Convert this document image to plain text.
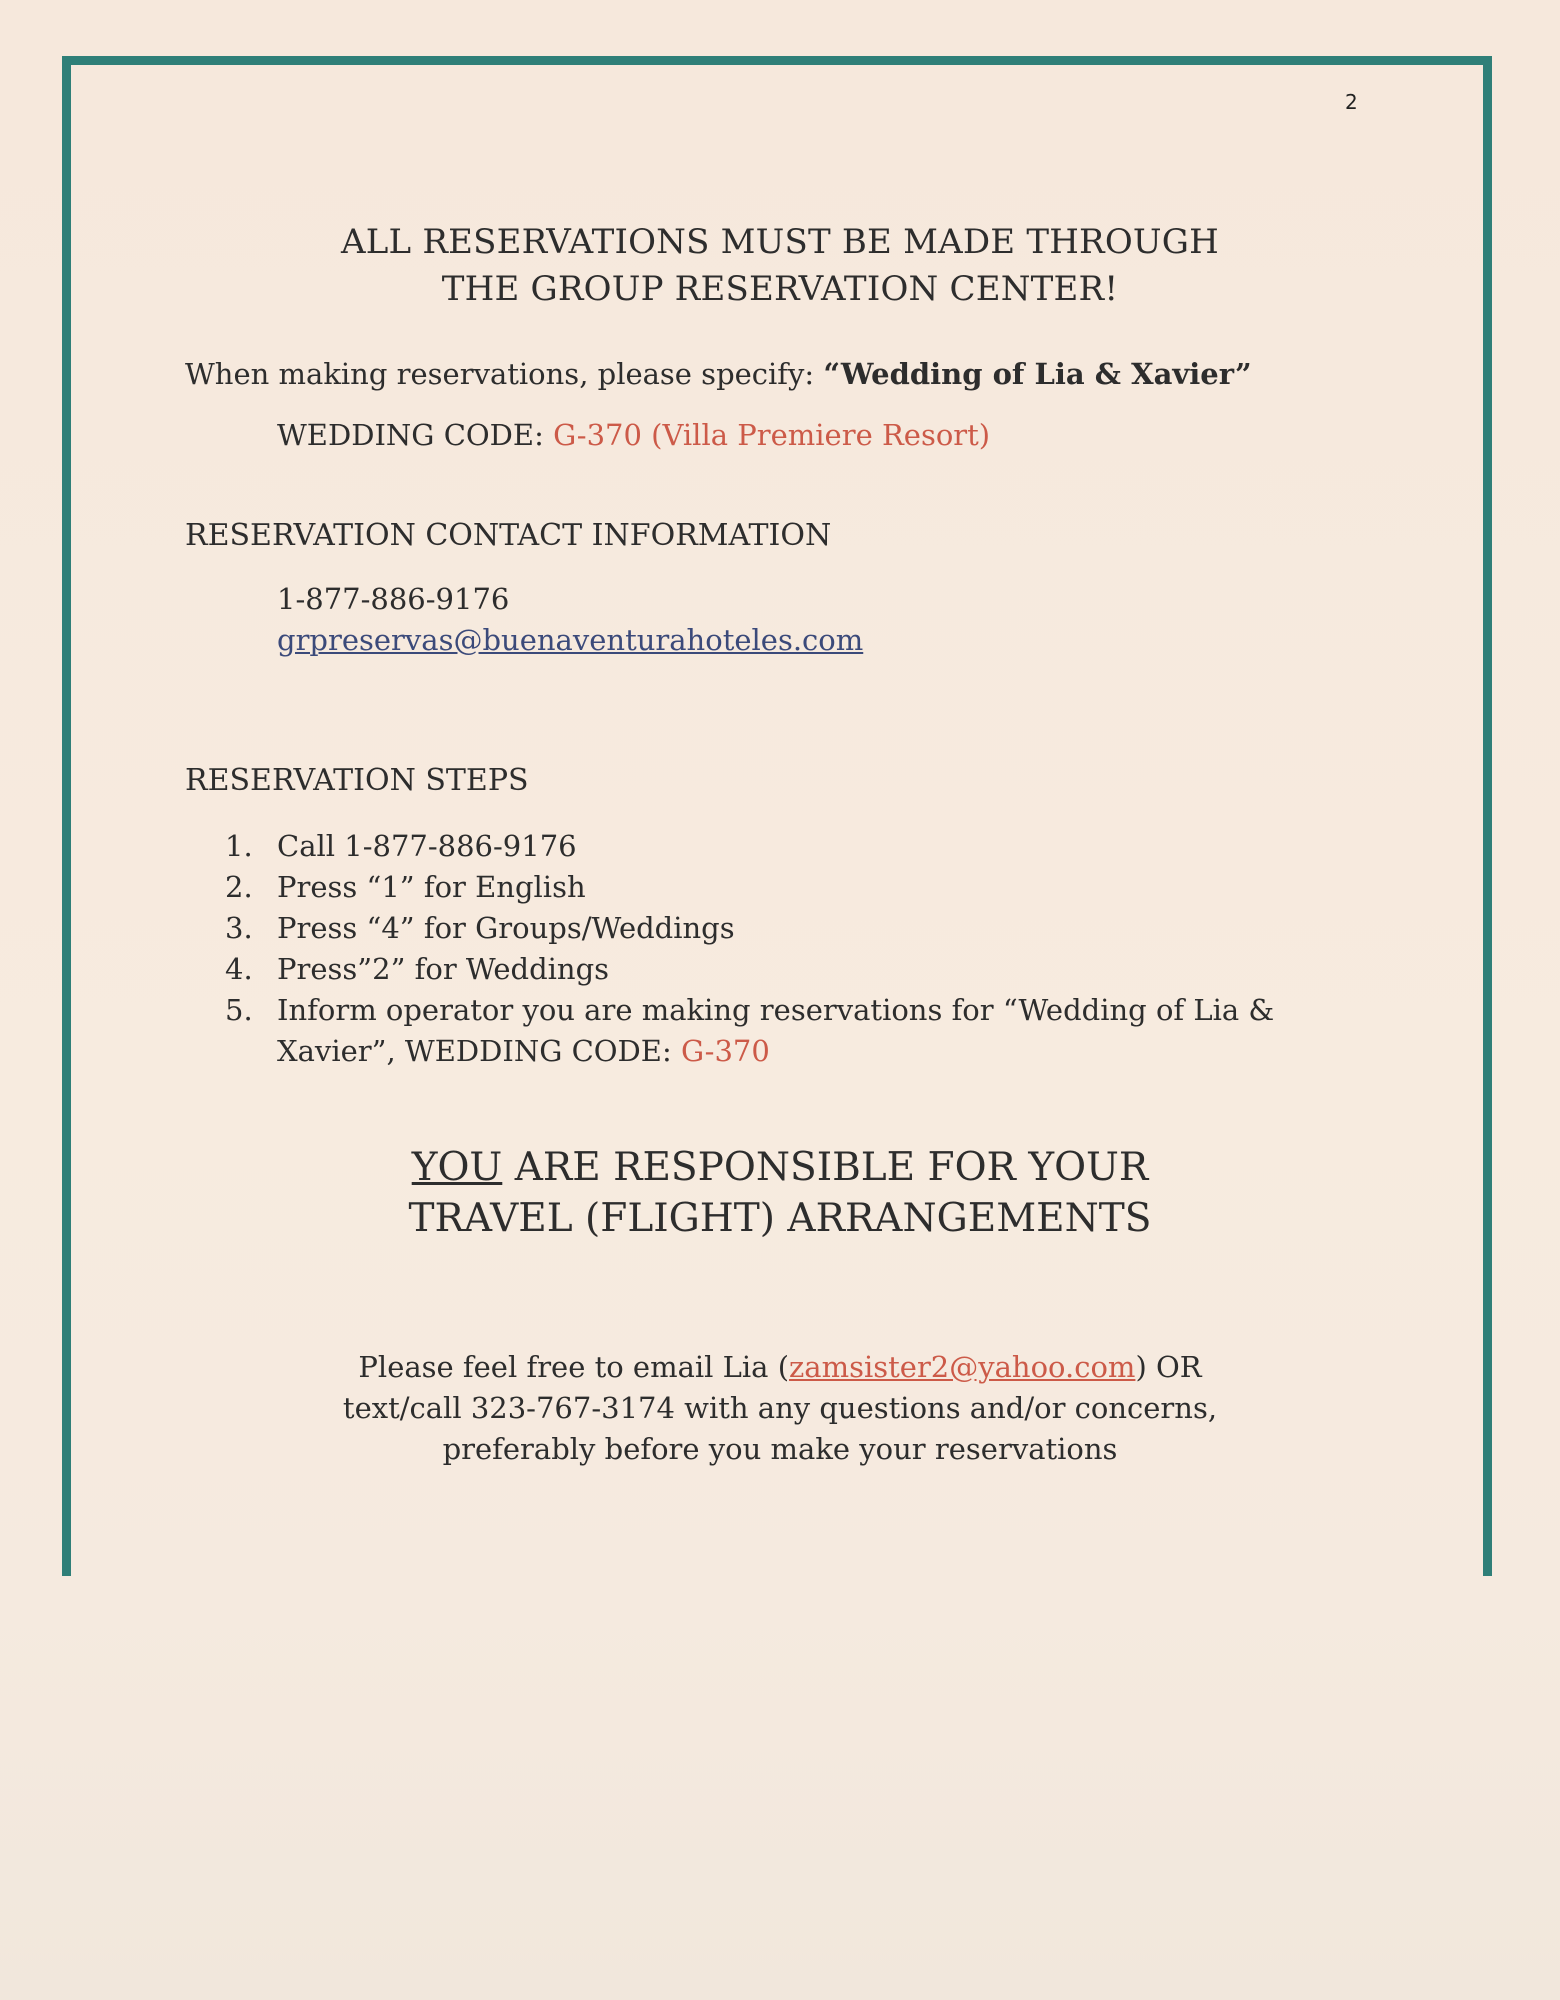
2
ALL RESERVATIONS MUST BE MADE THROUGH
THE GROUP RESERVATION CENTER!
When making reservations, please specify: “Wedding of Lia & Xavier”
WEDDING CODE: G-370 (Villa Premiere Resort)
RESERVATION CONTACT INFORMATION
1-877-886-9176
grpreservas@buenaventurahoteles.com
RESERVATION STEPS
1. Call 1-877-886-9176
2. Press “1” for English
3. Press “4” for Groups/Weddings
4. Press”2” for Weddings
5. Inform operator you are making reservations for “Wedding of Lia &
Xavier”, WEDDING CODE: G-370
YOU ARE RESPONSIBLE FOR YOUR
TRAVEL (FLIGHT) ARRANGEMENTS
Please feel free to email Lia (zamsister2@yahoo.com) OR
text/call 323-767-3174 with any questions and/or concerns,
preferably before you make your reservations
